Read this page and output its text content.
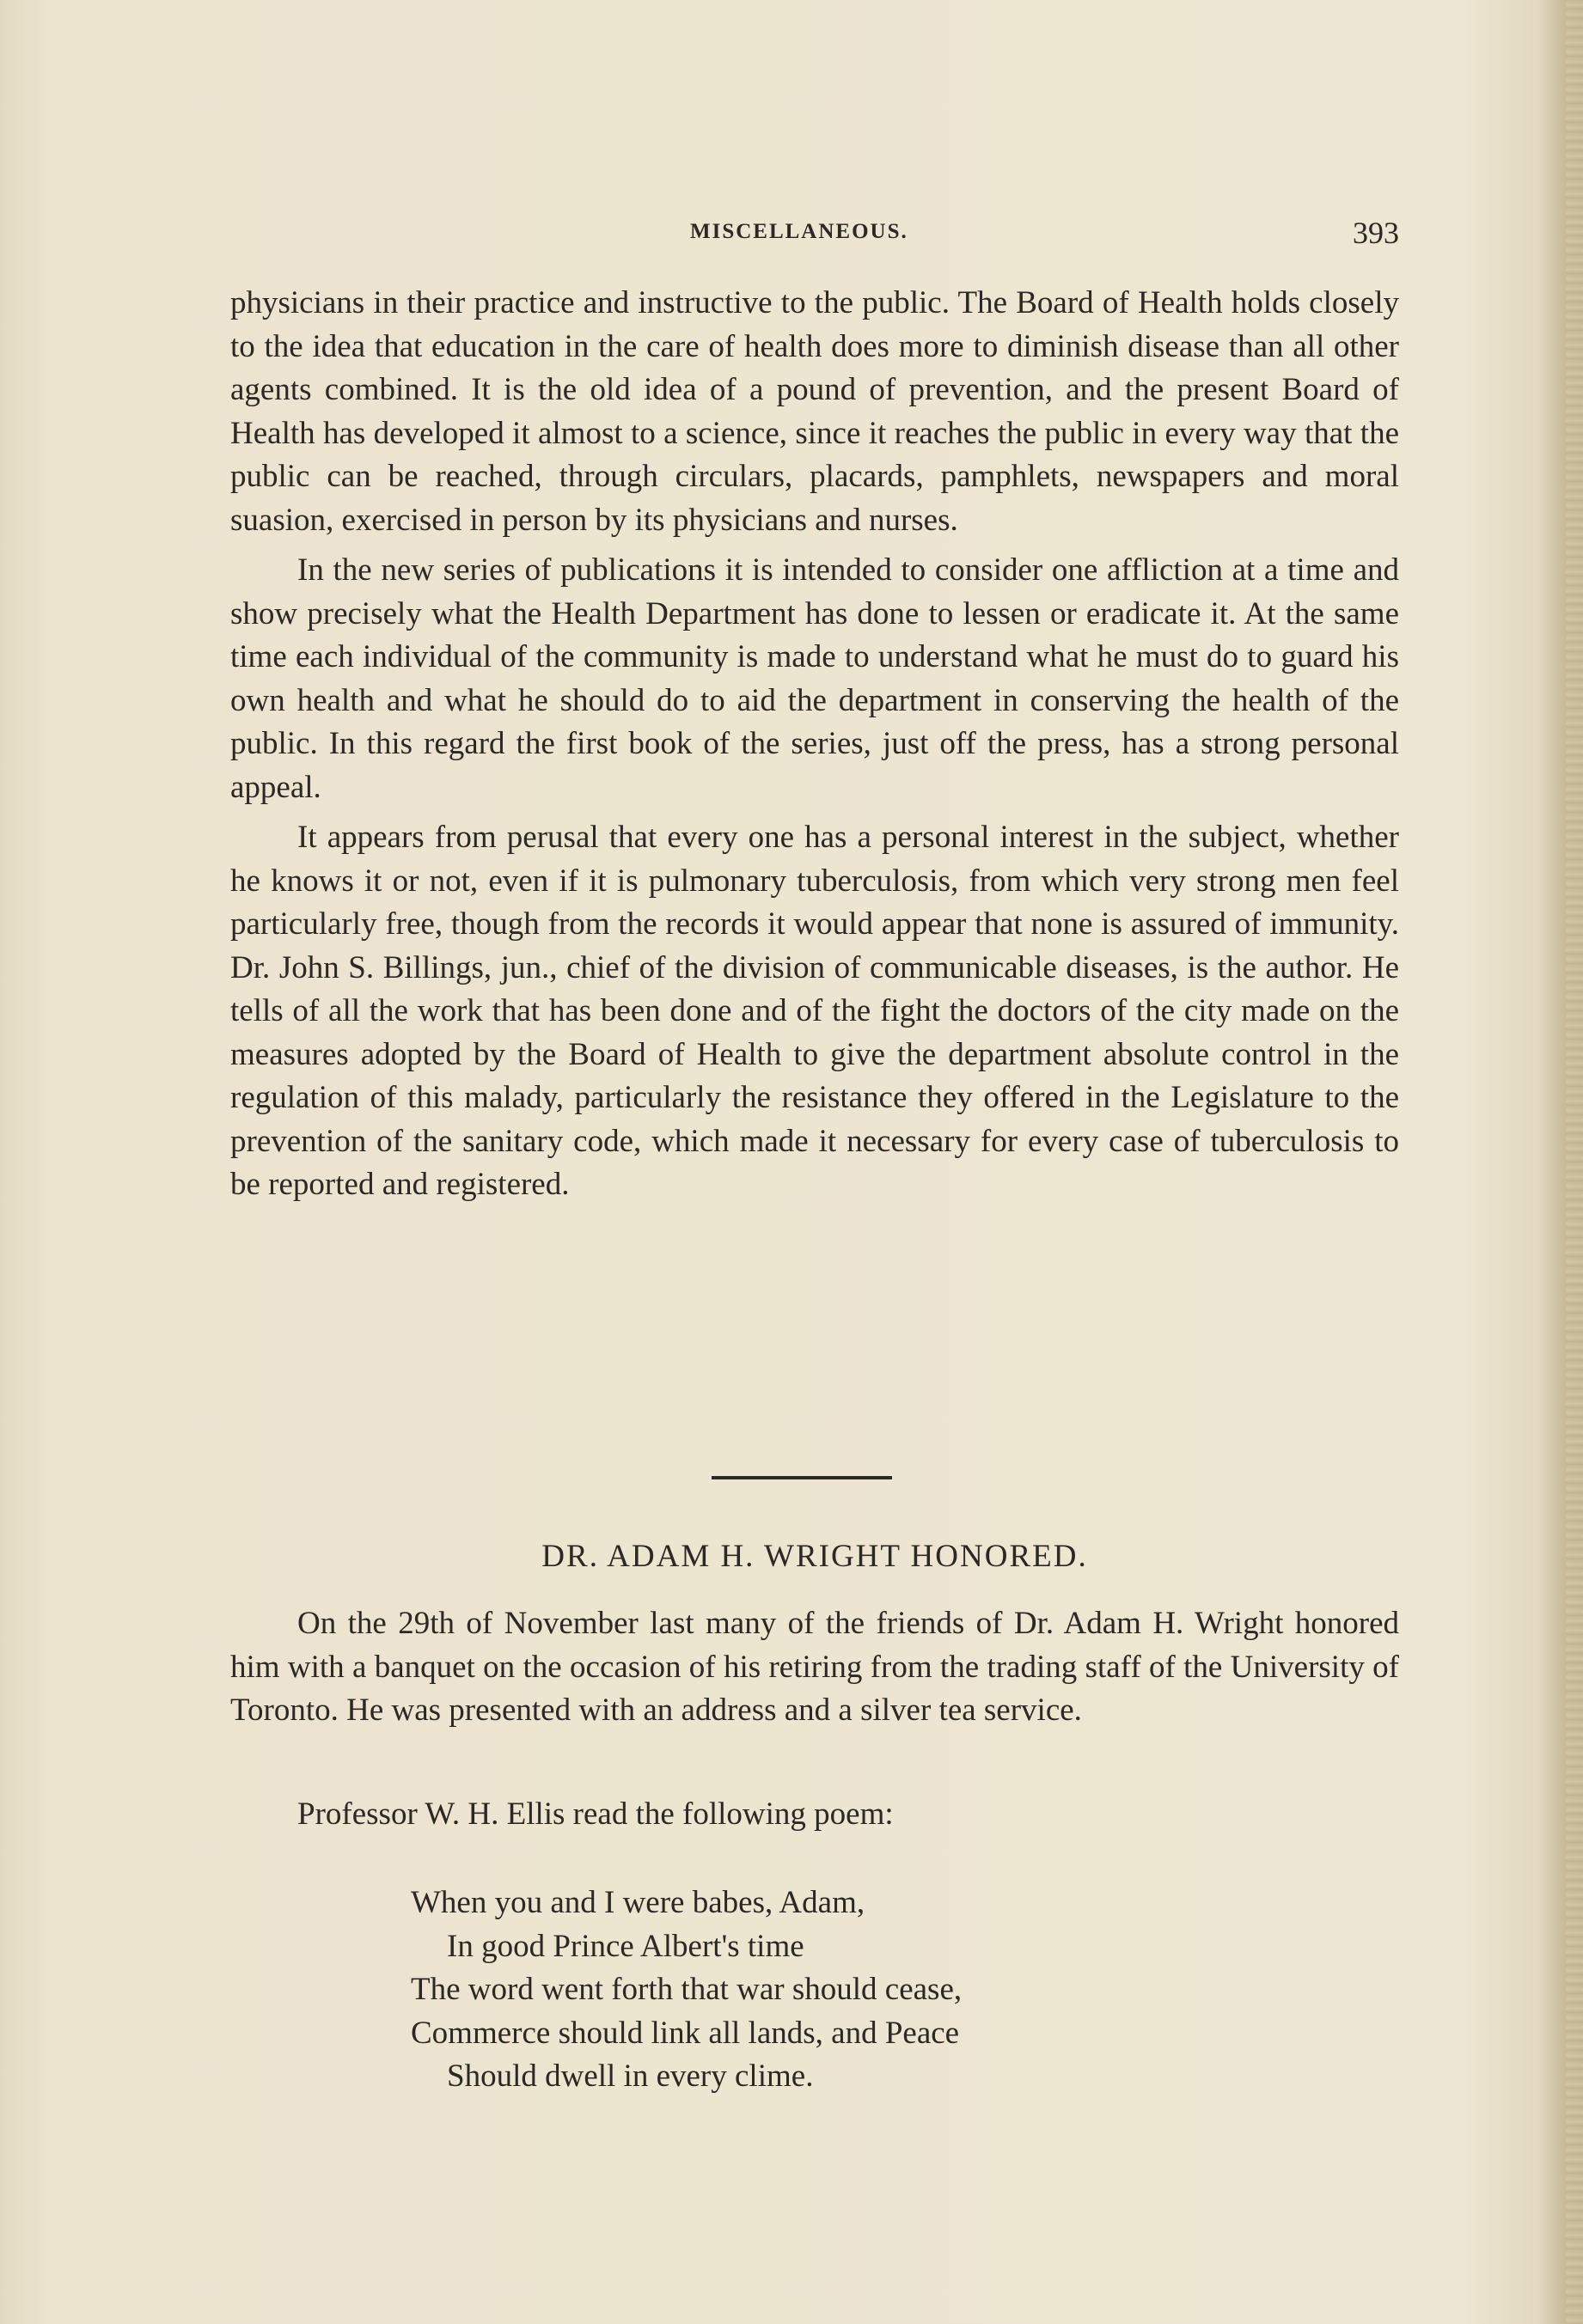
MISCELLANEOUS.	393

physicians in their practice and instructive to the public. The Board of Health holds closely to the idea that education in the care of health does more to diminish disease than all other agents combined. It is the old idea of a pound of prevention, and the present Board of Health has developed it almost to a science, since it reaches the public in every way that the public can be reached, through circulars, placards, pamphlets, newspapers and moral suasion, exercised in person by its physicians and nurses.

In the new series of publications it is intended to consider one affliction at a time and show precisely what the Health Department has done to lessen or eradicate it. At the same time each individual of the community is made to understand what he must do to guard his own health and what he should do to aid the department in conserving the health of the public. In this regard the first book of the series, just off the press, has a strong personal appeal.

It appears from perusal that every one has a personal interest in the subject, whether he knows it or not, even if it is pulmonary tuberculosis, from which very strong men feel particularly free, though from the records it would appear that none is assured of immunity. Dr. John S. Billings, jun., chief of the division of communicable diseases, is the author. He tells of all the work that has been done and of the fight the doctors of the city made on the measures adopted by the Board of Health to give the department absolute control in the regulation of this malady, particularly the resistance they offered in the Legislature to the prevention of the sanitary code, which made it necessary for every case of tuberculosis to be reported and registered.

DR. ADAM H. WRIGHT HONORED.

On the 29th of November last many of the friends of Dr. Adam H. Wright honored him with a banquet on the occasion of his retiring from the trading staff of the University of Toronto. He was presented with an address and a silver tea service.

Professor W. H. Ellis read the following poem:
When you and I were babes, Adam,
In good Prince Albert's time
The word went forth that war should cease,
Commerce should link all lands, and Peace
Should dwell in every clime.
